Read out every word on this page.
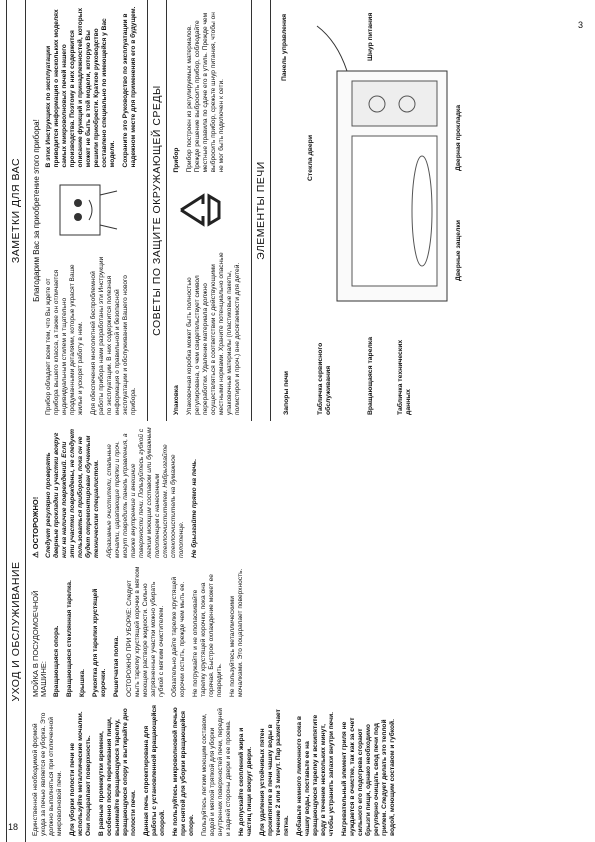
3
18
ЗАМЕТКИ ДЛЯ ВАС	Благодарим Вас за приобретение этого прибора!

Прибор обладает всем тем, что Вы ждете от прибора вышего класса, а также он отличается индивидуальным стилем и тщательно продуманными деталями, которые украсят Ваше жилье и ускорят работу в нем. Для обеспечения многолетней беспроблемной работы прибора нами разработаны эти Инструкции по эксплуатации. В них содержится полезная информация о правильной и безопасной эксплуатации и обслуживании Вашего нового прибора.

В этих Инструкциях по эксплуатации приводится информация о нескольких моделях самых микроволновых печей нашего производства. Поэтому в них содержится описание функций и принадлежностей, которых может не быть в той модели, которую Вы решили приобрести. Краткое руководство составлено специально по имеющейся у Вас модели. Сохраните это Руководство по эксплуатации в надежном месте для применения его в будущем.	СОВЕТЫ ПО ЗАЩИТЕ ОКРУЖАЮЩЕЙ СРЕДЫ

Упаковка Упаковочная коробка может быть полностью регулирована, о чем свидетельствует символ переработки. Удаление материала должно осуществляться в соответствии с действующими местными нормами. Храните потенциально опасные упаковочные материалы (пластиковые пакеты, полистирол и проч.) вне досягаемости для детей.

Прибор Прибор построен из регулируемых материалов. Прежде решение выбросить прибор, соблюдайте местные правила по сдаче его в утиль. Прежде чем выбросить прибор, срежьте шнур питания, чтобы он не мог быть подключен к сети.

ЭЛЕМЕНТЫ ПЕЧИ
Запоры печи	Табличка сервисного обслуживания	Вращающаяся тарелка	Табличка технических данных
Дверные защелки
Дверная прокладка
Стекла двери
Панель управления	Шнур питания
УХОД И ОБСЛУЖИВАНИЕ

Единственной необходимой формой ухода за печью является ее уборка. Это должно выполняться при отключенной микроволновой печи. Для уборки полости печи не используйте металлические мочалки. Они поцарапают поверхность. В равные промежутки времени, особенно после переливания пищи, вынимайте вращающуюся тарелку, вращающуюся опору и вытирайте дно полости печи. Данная печь спроектирована для работы с установленной вращающейся опорой. Не пользуйтесь микроволновой печью при снятой для уборки вращающейся опоре. Пользуйтесь легким моющим составом, водой и мягкой тряпкой для уборки внутренних поверхностей печи, передней и задней стороны двери и ее проема. Не допускайте скоплений жира и частиц пищи вокруг двери. Для удаления устойчивых пятен прокипятите в печи чашку воды в течение 2 или 3 минут. Пар размягчает пятна. Добавьте немного лимонного сока в чашку воды, поставьте ее на вращающуюся тарелку и вскипятите воду в течение нескольких минут, чтобы устранить запахи внутри печи. Нагревательный элемент гриля не нуждается в очистке, так как за счет сильного его подогрева сгорают брызги пищи, однако необходимо регулярно очищать свод печи под грилем. Следует делать это теплой водой, моющим составом и губкой.

МОЙКА В ПОСУДОМОЕЧНОЙ МАШИНЕ: Вращающаяся опора. Вращающаяся стеклянная тарелка. Крышка. Рукоятка для тарелки хрустящей корочки. Решетчатая полка. ОСТОРОЖНО ПРИ УБОРКЕ: Следует мыть тарелку хрустящей корочки в мягком моющем растворе жидкости. Сильно загрязненные участки можно убирать губкой с мягким очистителем. Обязательно дайте тарелке хрустящей корочки остыть, прежде чем мыть ее. Не погружайте и не ополаскивайте тарелку хрустящей корочки, пока она горячая. Быстрое охлаждение может ее повредить. Не пользуйтесь металлическими мочалками. Это поцарапает поверхность.

⚠ ОСТОРОЖНО! Следует регулярно проверять дверные прокладки и участки вокруг них на наличие повреждений. Если эти участки повреждены, не следует пользоваться прибором, пока он не будет отремонтирован обученным техническим специалистом. Абразивные очистители, стальные мочалки, царапающие тряпки и проч. могут повредить панель управления, а также внутренние и внешние поверхности печи. Пользуйтесь губкой с легким моющим составом или бумажным полотенцем с нанесенным стеклоочистителем. Набрызгайте стеклоочиститель на бумажное полотенце. Не брызгайте прямо на печь.
